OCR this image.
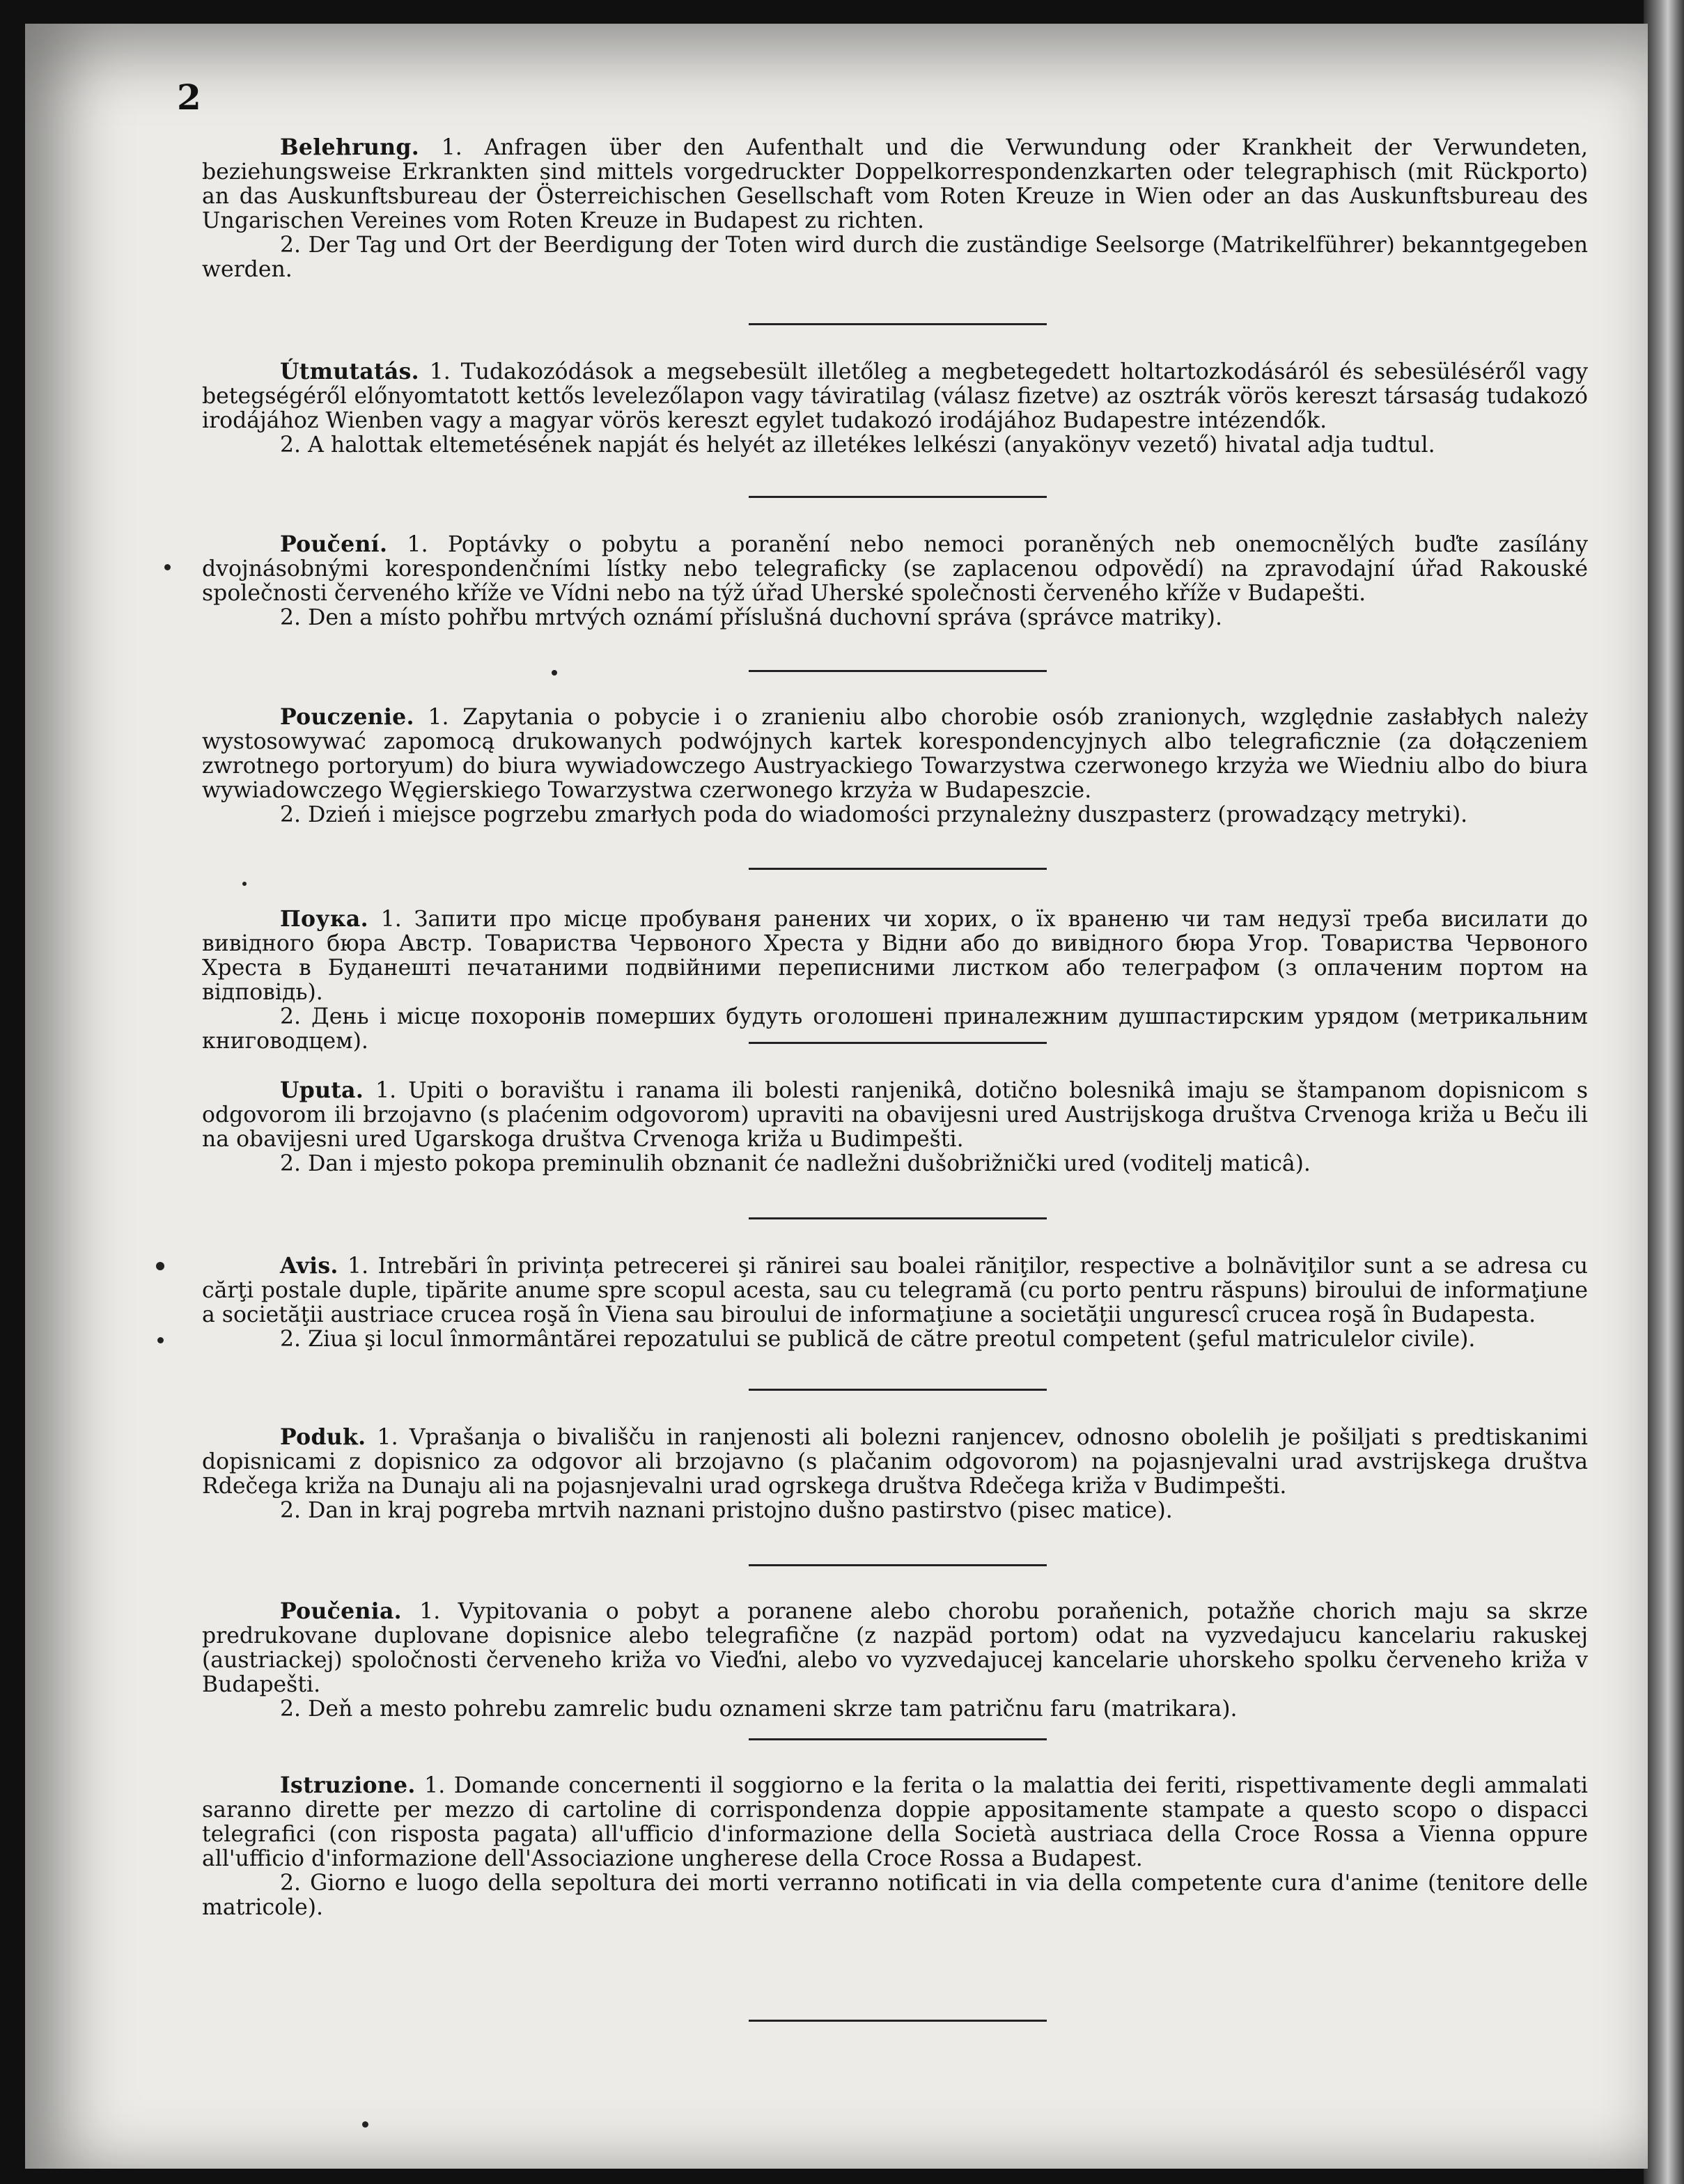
2

Belehrung. 1. Anfragen über den Aufenthalt und die Verwundung oder Krankheit der Verwundeten, beziehungsweise Erkrankten sind mittels vorgedruckter Doppelkorrespondenzkarten oder telegraphisch (mit Rückporto) an das Auskunftsbureau der Österreichischen Gesellschaft vom Roten Kreuze in Wien oder an das Auskunftsbureau des Ungarischen Vereines vom Roten Kreuze in Budapest zu richten.

2. Der Tag und Ort der Beerdigung der Toten wird durch die zuständige Seelsorge (Matrikelführer) bekanntgegeben werden.

Útmutatás. 1. Tudakozódások a megsebesült illetőleg a megbetegedett holtartozkodásáról és sebesüléséről vagy betegségéről előnyomtatott kettős levelezőlapon vagy táviratilag (válasz fizetve) az osztrák vörös kereszt társaság tudakozó irodájához Wienben vagy a magyar vörös kereszt egylet tudakozó irodájához Budapestre intézendők.

2. A halottak eltemetésének napját és helyét az illetékes lelkészi (anyakönyv vezető) hivatal adja tudtul.

Poučení. 1. Poptávky o pobytu a poranění nebo nemoci poraněných neb onemocnělých buďte zasílány dvojnásobnými korespondenčními lístky nebo telegraficky (se zaplacenou odpovědí) na zpravodajní úřad Rakouské společnosti červeného kříže ve Vídni nebo na týž úřad Uherské společnosti červeného kříže v Budapešti.

2. Den a místo pohřbu mrtvých oznámí příslušná duchovní správa (správce matriky).

Pouczenie. 1. Zapytania o pobycie i o zranieniu albo chorobie osób zranionych, względnie zasłabłych należy wystosowywać zapomocą drukowanych podwójnych kartek korespondencyjnych albo telegraficznie (za dołączeniem zwrotnego portoryum) do biura wywiadowczego Austryackiego Towarzystwa czerwonego krzyża we Wiedniu albo do biura wywiadowczego Węgierskiego Towarzystwa czerwonego krzyża w Budapeszcie.

2. Dzień i miejsce pogrzebu zmarłych poda do wiadomości przynależny duszpasterz (prowadzący metryki).

Поука. 1. Запити про місце пробуваня ранених чи хорих, о їх враненю чи там недузї треба висилати до вивідного бюра Австр. Товариства Червоного Хреста у Відни або до вивідного бюра Угор. Товариства Червоного Хреста в Буданешті печатаними подвійними переписними листком або телеграфом (з оплаченим портом на відповідь).

2. День і місце похоронів померших будуть оголошені приналежним душпастирским урядом (метрикальним книговодцем).

Uputa. 1. Upiti o boravištu i ranama ili bolesti ranjenikâ, dotično bolesnikâ imaju se štampanom dopisnicom s odgovorom ili brzojavno (s plaćenim odgovorom) upraviti na obavijesni ured Austrijskoga društva Crvenoga križa u Beču ili na obavijesni ured Ugarskoga društva Crvenoga križa u Budimpešti.

2. Dan i mjesto pokopa preminulih obznanit će nadležni dušobrižnički ured (voditelj maticâ).

Avis. 1. Intrebări în privința petrecerei şi rănirei sau boalei răniţilor, respective a bolnăviţilor sunt a se adresa cu cărţi postale duple, tipărite anume spre scopul acesta, sau cu telegramă (cu porto pentru răspuns) biroului de informaţiune a societăţii austriace crucea roşă în Viena sau biroului de informaţiune a societăţii ungurescî crucea roşă în Budapesta.

2. Ziua şi locul înmormântărei repozatului se publică de către preotul competent (şeful matriculelor civile).

Poduk. 1. Vprašanja o bivališču in ranjenosti ali bolezni ranjencev, odnosno obolelih je pošiljati s predtiskanimi dopisnicami z dopisnico za odgovor ali brzojavno (s plačanim odgovorom) na pojasnjevalni urad avstrijskega društva Rdečega križa na Dunaju ali na pojasnjevalni urad ogrskega društva Rdečega križa v Budimpešti.

2. Dan in kraj pogreba mrtvih naznani pristojno dušno pastirstvo (pisec matice).

Poučenia. 1. Vypitovania o pobyt a poranene alebo chorobu poraňenich, potažňe chorich maju sa skrze predrukovane duplovane dopisnice alebo telegrafične (z nazpäd portom) odat na vyzvedajucu kancelariu rakuskej (austriackej) spoločnosti červeneho križa vo Vieďni, alebo vo vyzvedajucej kancelarie uhorskeho spolku červeneho križa v Budapešti.

2. Deň a mesto pohrebu zamrelic budu oznameni skrze tam patričnu faru (matrikara).

Istruzione. 1. Domande concernenti il soggiorno e la ferita o la malattia dei feriti, rispettivamente degli ammalati saranno dirette per mezzo di cartoline di corrispondenza doppie appositamente stampate a questo scopo o dispacci telegrafici (con risposta pagata) all'ufficio d'informazione della Società austriaca della Croce Rossa a Vienna oppure all'ufficio d'informazione dell'Associazione ungherese della Croce Rossa a Budapest.

2. Giorno e luogo della sepoltura dei morti verranno notificati in via della competente cura d'anime (tenitore delle matricole).
